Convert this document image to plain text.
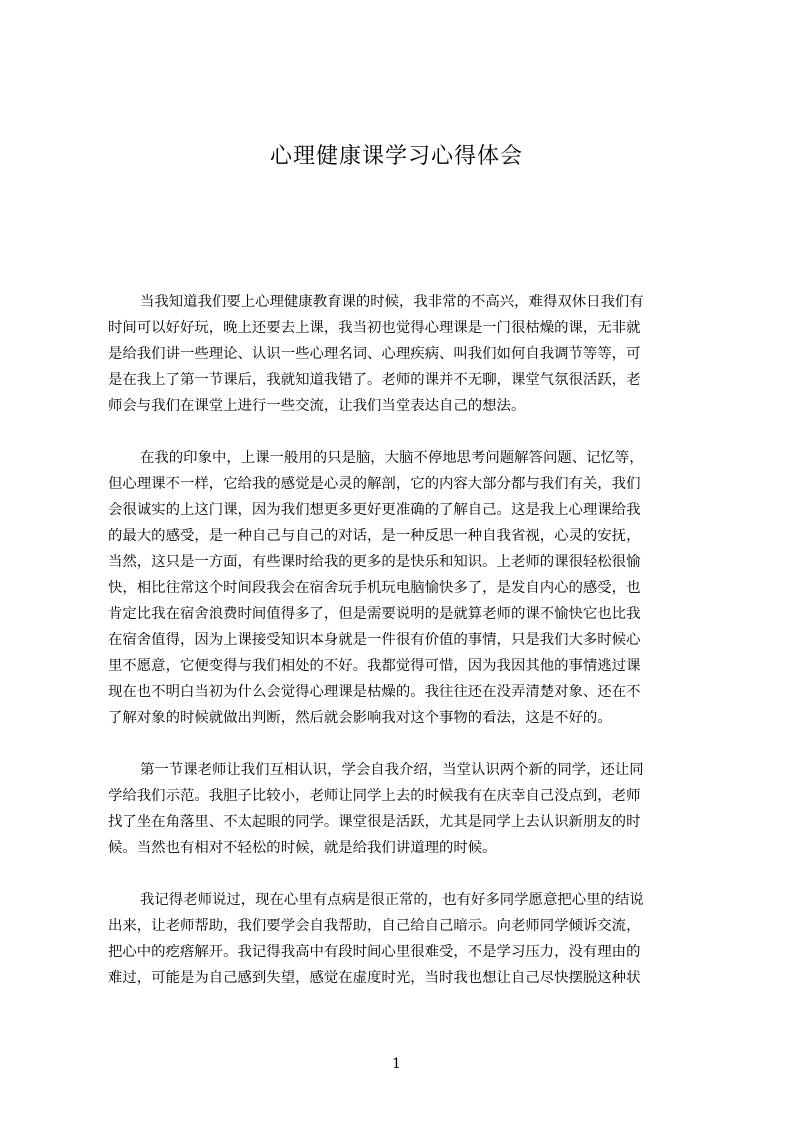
心理健康课学习心得体会
当我知道我们要上心理健康教育课的时候，我非常的不高兴，难得双休日我们有
时间可以好好玩，晚上还要去上课，我当初也觉得心理课是一门很枯燥的课，无非就
是给我们讲一些理论、认识一些心理名词、心理疾病、叫我们如何自我调节等等，可
是在我上了第一节课后，我就知道我错了。老师的课并不无聊，课堂气氛很活跃，老
师会与我们在课堂上进行一些交流，让我们当堂表达自己的想法。
在我的印象中，上课一般用的只是脑，大脑不停地思考问题解答问题、记忆等，
但心理课不一样，它给我的感觉是心灵的解剖，它的内容大部分都与我们有关，我们
会很诚实的上这门课，因为我们想更多更好更准确的了解自己。这是我上心理课给我
的最大的感受，是一种自己与自己的对话，是一种反思一种自我省视，心灵的安抚，
当然，这只是一方面，有些课时给我的更多的是快乐和知识。上老师的课很轻松很愉
快，相比往常这个时间段我会在宿舍玩手机玩电脑愉快多了，是发自内心的感受，也
肯定比我在宿舍浪费时间值得多了，但是需要说明的是就算老师的课不愉快它也比我
在宿舍值得，因为上课接受知识本身就是一件很有价值的事情，只是我们大多时候心
里不愿意，它便变得与我们相处的不好。我都觉得可惜，因为我因其他的事情逃过课
现在也不明白当初为什么会觉得心理课是枯燥的。我往往还在没弄清楚对象、还在不
了解对象的时候就做出判断，然后就会影响我对这个事物的看法，这是不好的。
第一节课老师让我们互相认识，学会自我介绍，当堂认识两个新的同学，还让同
学给我们示范。我胆子比较小，老师让同学上去的时候我有在庆幸自己没点到，老师
找了坐在角落里、不太起眼的同学。课堂很是活跃，尤其是同学上去认识新朋友的时
候。当然也有相对不轻松的时候，就是给我们讲道理的时候。
我记得老师说过，现在心里有点病是很正常的，也有好多同学愿意把心里的结说
出来，让老师帮助，我们要学会自我帮助，自己给自己暗示。向老师同学倾诉交流，
把心中的疙瘩解开。我记得我高中有段时间心里很难受，不是学习压力，没有理由的
难过，可能是为自己感到失望，感觉在虚度时光，当时我也想让自己尽快摆脱这种状
1
